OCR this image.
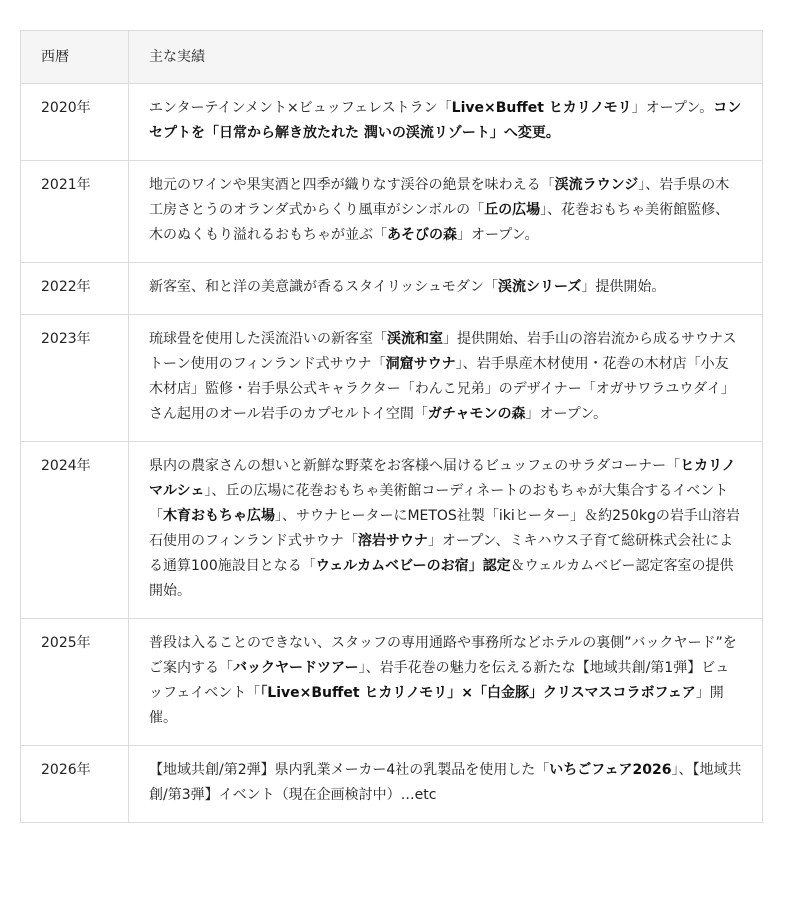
西暦	主な実績
2020年	エンターテインメント×ビュッフェレストラン「Live×Buffet ヒカリノモリ」オープン。コンセプトを「日常から解き放たれた 潤いの渓流リゾート」へ変更。
2021年	地元のワインや果実酒と四季が織りなす渓谷の絶景を味わえる「渓流ラウンジ」、岩手県の木工房さとうのオランダ式からくり風車がシンボルの「丘の広場」、花巻おもちゃ美術館監修、木のぬくもり溢れるおもちゃが並ぶ「あそびの森」オープン。
2022年	新客室、和と洋の美意識が香るスタイリッシュモダン「渓流シリーズ」提供開始。
2023年	琉球畳を使用した渓流沿いの新客室「渓流和室」提供開始、岩手山の溶岩流から成るサウナストーン使用のフィンランド式サウナ「洞窟サウナ」、岩手県産木材使用・花巻の木材店「小友木材店」監修・岩手県公式キャラクター「わんこ兄弟」のデザイナー「オガサワラユウダイ」さん起用のオール岩手のカプセルトイ空間「ガチャモンの森」オープン。
2024年	県内の農家さんの想いと新鮮な野菜をお客様へ届けるビュッフェのサラダコーナー「ヒカリノマルシェ」、丘の広場に花巻おもちゃ美術館コーディネートのおもちゃが大集合するイベント「木育おもちゃ広場」、サウナヒーターにMETOS社製「ikiヒーター」＆約250kgの岩手山溶岩石使用のフィンランド式サウナ「溶岩サウナ」オープン、ミキハウス子育て総研株式会社による通算100施設目となる「ウェルカムベビーのお宿」認定＆ウェルカムベビー認定客室の提供開始。
2025年	普段は入ることのできない、スタッフの専用通路や事務所などホテルの裏側”バックヤード”をご案内する「バックヤードツアー」、岩手花巻の魅力を伝える新たな【地域共創/第1弾】ビュッフェイベント「「Live×Buffet ヒカリノモリ」×「白金豚」クリスマスコラボフェア」開催。
2026年	【地域共創/第2弾】県内乳業メーカー4社の乳製品を使用した「いちごフェア2026」、【地域共創/第3弾】イベント（現在企画検討中）…etc
